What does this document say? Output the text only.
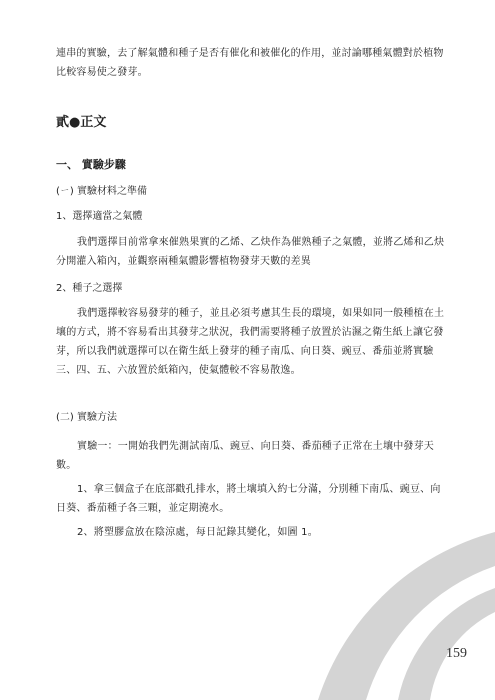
連串的實驗，去了解氣體和種子是否有催化和被催化的作用，並討論哪種氣體對於植物比較容易使之發芽。

貳●正文

一、 實驗步驟

(ㄧ) 實驗材料之準備

1、選擇適當之氣體

我們選擇目前常拿來催熟果實的乙烯、乙炔作為催熟種子之氣體，並將乙烯和乙炔分開灌入箱內，並觀察兩種氣體影響植物發芽天數的差異

2、種子之選擇

我們選擇較容易發芽的種子，並且必須考慮其生長的環境，如果如同一般種植在土壤的方式，將不容易看出其發芽之狀況，我們需要將種子放置於沾濕之衛生紙上讓它發芽，所以我們就選擇可以在衛生紙上發芽的種子南瓜、向日葵、豌豆、番茄並將實驗三、四、五、六放置於紙箱內，使氣體較不容易散逸。

(二) 實驗方法

實驗一：一開始我們先測試南瓜、豌豆、向日葵、番茄種子正常在土壤中發芽天數。

1、拿三個盒子在底部戳孔排水，將土壤填入約七分滿，分別種下南瓜、豌豆、向日葵、番茄種子各三顆，並定期澆水。

2、將塑膠盒放在陰涼處，每日記錄其變化，如圖 1。

159
